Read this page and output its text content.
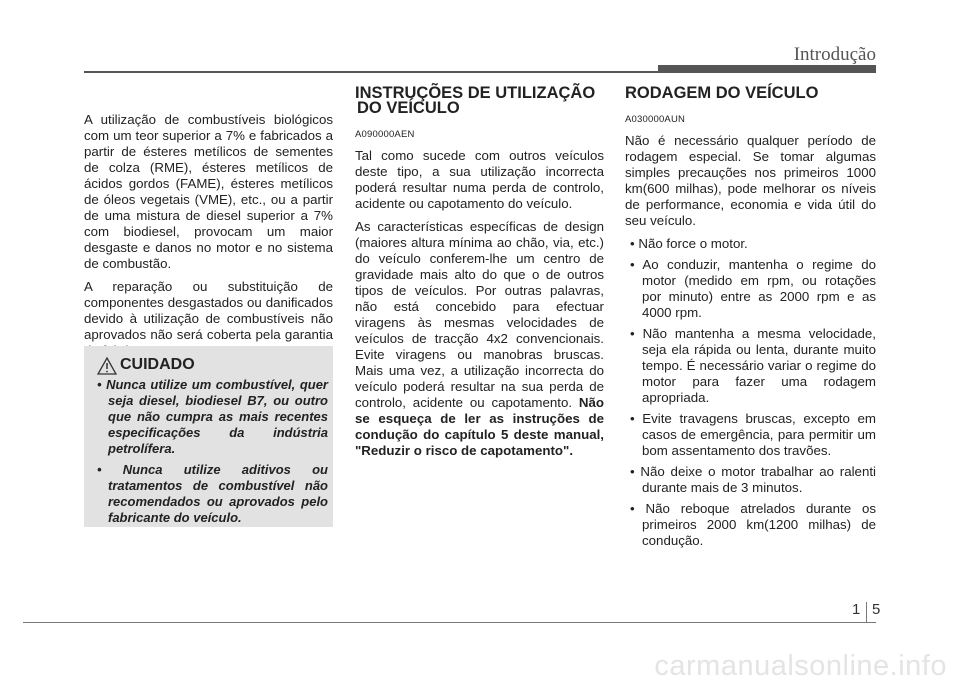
Introdução

A utilização de combustíveis biológicos com um teor superior a 7% e fabricados a partir de ésteres metílicos de sementes de colza (RME), ésteres metílicos de ácidos gordos (FAME), ésteres metílicos de óleos vegetais (VME), etc., ou a partir de uma mistura de diesel superior a 7% com biodiesel, provocam um maior desgaste e danos no motor e no sistema de combustão.

A reparação ou substituição de componentes desgastados ou danificados devido à utilização de combustíveis não aprovados não será coberta pela garantia

CUIDADO
• Nunca utilize um combustível, quer seja diesel, biodiesel B7, ou outro que não cumpra as mais recentes especificações da indústria petrolífera.
• Nunca utilize aditivos ou tratamentos de combustível não recomendados ou aprovados pelo fabricante do veículo.
INSTRUÇÕES DE UTILIZAÇÃO
DO VEÍCULO
A090000AEN

Tal como sucede com outros veículos deste tipo, a sua utilização incorrecta poderá resultar numa perda de controlo, acidente ou capotamento do veículo.

As características específicas de design (maiores altura mínima ao chão, via, etc.) do veículo conferem-lhe um centro de gravidade mais alto do que o de outros tipos de veículos. Por outras palavras, não está concebido para efectuar viragens às mesmas velocidades de veículos de tracção 4x2 convencionais. Evite viragens ou manobras bruscas. Mais uma vez, a utilização incorrecta do veículo poderá resultar na sua perda de controlo, acidente ou capotamento. Não se esqueça de ler as instruções de condução do capítulo 5 deste manual, "Reduzir o risco de capotamento".

RODAGEM DO VEÍCULO
A030000AUN

Não é necessário qualquer período de rodagem especial. Se tomar algumas simples precauções nos primeiros 1000 km(600 milhas), pode melhorar os níveis de performance, economia e vida útil do seu veículo.

• Não force o motor.
• Ao conduzir, mantenha o regime do motor (medido em rpm, ou rotações por minuto) entre as 2000 rpm e as 4000 rpm.
• Não mantenha a mesma velocidade, seja ela rápida ou lenta, durante muito tempo. É necessário variar o regime do motor para fazer uma rodagem apropriada.
• Evite travagens bruscas, excepto em casos de emergência, para permitir um bom assentamento dos travões.
• Não deixe o motor trabalhar ao ralenti durante mais de 3 minutos.
• Não reboque atrelados durante os primeiros 2000 km(1200 milhas) de condução.
1 5
carmanualsonline.info
